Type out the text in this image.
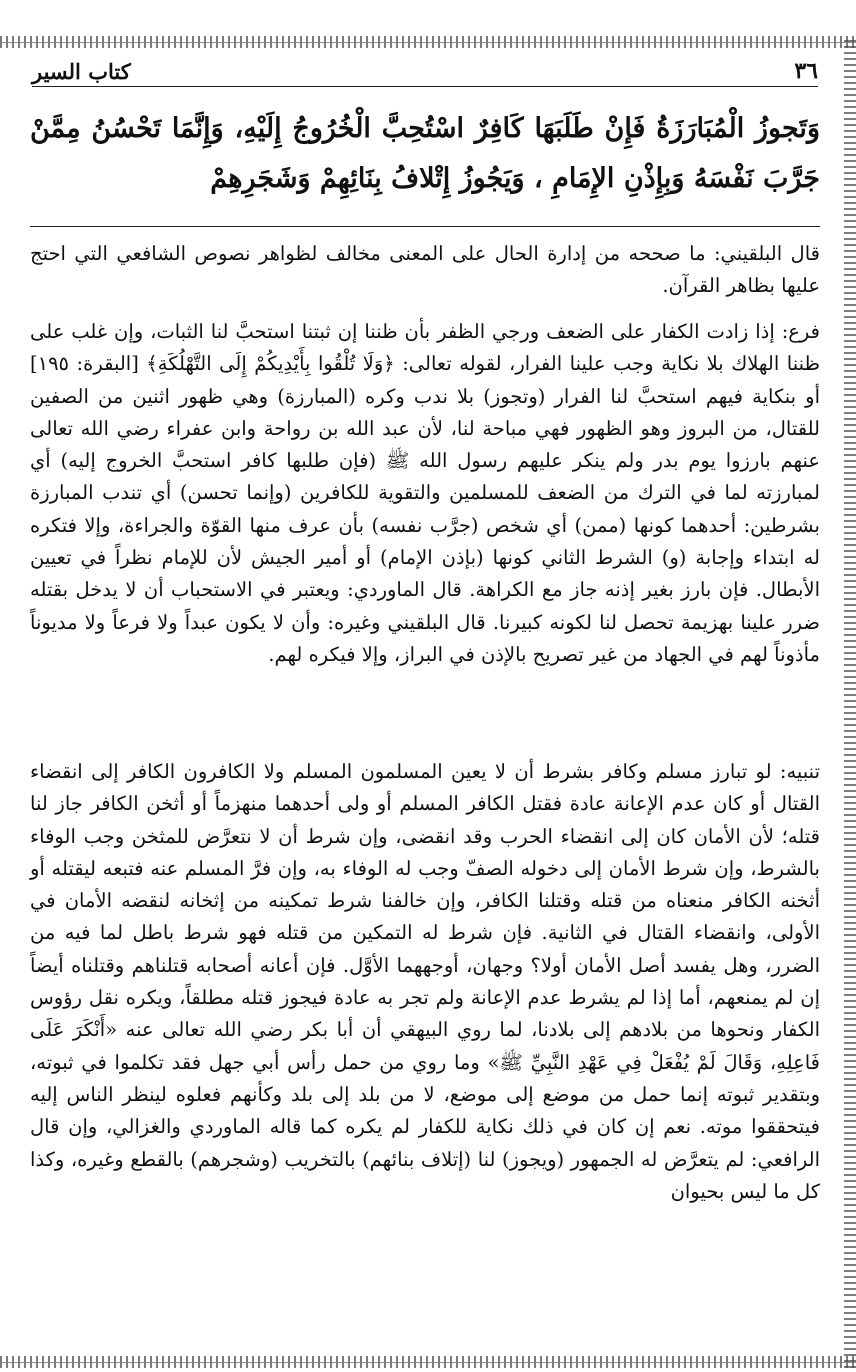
٣٦
كتاب السير
وَتَجوزُ الْمُبَارَزَةُ فَإِنْ طَلَبَهَا كَافِرٌ اسْتُحِبَّ الْخُرُوجُ إِلَيْهِ، وَإِنَّمَا تَحْسُنُ مِمَّنْ جَرَّبَ نَفْسَهُ وَبِإِذْنِ الإِمَامِ ، وَيَجُوزُ إِتْلافُ بِنَائِهِمْ وَشَجَرِهِمْ

قال البلقيني: ما صححه من إدارة الحال على المعنى مخالف لظواهر نصوص الشافعي التي احتج عليها بظاهر القرآن.

فرع: إذا زادت الكفار على الضعف ورجي الظفر بأن ظننا إن ثبتنا استحبَّ لنا الثبات، وإن غلب على ظننا الهلاك بلا نكاية وجب علينا الفرار، لقوله تعالى: ﴿وَلَا تُلْقُوا بِأَيْدِيكُمْ إِلَى التَّهْلُكَةِ﴾ [البقرة: ١٩٥] أو بنكاية فيهم استحبَّ لنا الفرار (وتجوز) بلا ندب وكره (المبارزة) وهي ظهور اثنين من الصفين للقتال، من البروز وهو الظهور فهي مباحة لنا، لأن عبد الله بن رواحة وابن عفراء رضي الله تعالى عنهم بارزوا يوم بدر ولم ينكر عليهم رسول الله ﷺ (فإن طلبها كافر استحبَّ الخروج إليه) أي لمبارزته لما في الترك من الضعف للمسلمين والتقوية للكافرين (وإنما تحسن) أي تندب المبارزة بشرطين: أحدهما كونها (ممن) أي شخص (جرَّب نفسه) بأن عرف منها القوّة والجراءة، وإلا فتكره له ابتداء وإجابة (و) الشرط الثاني كونها (بإذن الإمام) أو أمير الجيش لأن للإمام نظراً في تعيين الأبطال. فإن بارز بغير إذنه جاز مع الكراهة. قال الماوردي: ويعتبر في الاستحباب أن لا يدخل بقتله ضرر علينا بهزيمة تحصل لنا لكونه كبيرنا. قال البلقيني وغيره: وأن لا يكون عبداً ولا فرعاً ولا مديوناً مأذوناً لهم في الجهاد من غير تصريح بالإذن في البراز، وإلا فيكره لهم.

تنبيه: لو تبارز مسلم وكافر بشرط أن لا يعين المسلمون المسلم ولا الكافرون الكافر إلى انقضاء القتال أو كان عدم الإعانة عادة فقتل الكافر المسلم أو ولى أحدهما منهزماً أو أثخن الكافر جاز لنا قتله؛ لأن الأمان كان إلى انقضاء الحرب وقد انقضى، وإن شرط أن لا نتعرَّض للمثخن وجب الوفاء بالشرط، وإن شرط الأمان إلى دخوله الصفّ وجب له الوفاء به، وإن فرَّ المسلم عنه فتبعه ليقتله أو أثخنه الكافر منعناه من قتله وقتلنا الكافر، وإن خالفنا شرط تمكينه من إثخانه لنقضه الأمان في الأولى، وانقضاء القتال في الثانية. فإن شرط له التمكين من قتله فهو شرط باطل لما فيه من الضرر، وهل يفسد أصل الأمان أولا؟ وجهان، أوجههما الأوَّل. فإن أعانه أصحابه قتلناهم وقتلناه أيضاً إن لم يمنعهم، أما إذا لم يشرط عدم الإعانة ولم تجر به عادة فيجوز قتله مطلقاً، ويكره نقل رؤوس الكفار ونحوها من بلادهم إلى بلادنا، لما روي البيهقي أن أبا بكر رضي الله تعالى عنه «أَنْكَرَ عَلَى فَاعِلِهِ، وَقَالَ لَمْ يُفْعَلْ فِي عَهْدِ النَّبِيِّ ﷺ» وما روي من حمل رأس أبي جهل فقد تكلموا في ثبوته، وبتقدير ثبوته إنما حمل من موضع إلى موضع، لا من بلد إلى بلد وكأنهم فعلوه لينظر الناس إليه فيتحققوا موته. نعم إن كان في ذلك نكاية للكفار لم يكره كما قاله الماوردي والغزالي، وإن قال الرافعي: لم يتعرَّض له الجمهور (ويجوز) لنا (إتلاف بنائهم) بالتخريب (وشجرهم) بالقطع وغيره، وكذا كل ما ليس بحيوان
